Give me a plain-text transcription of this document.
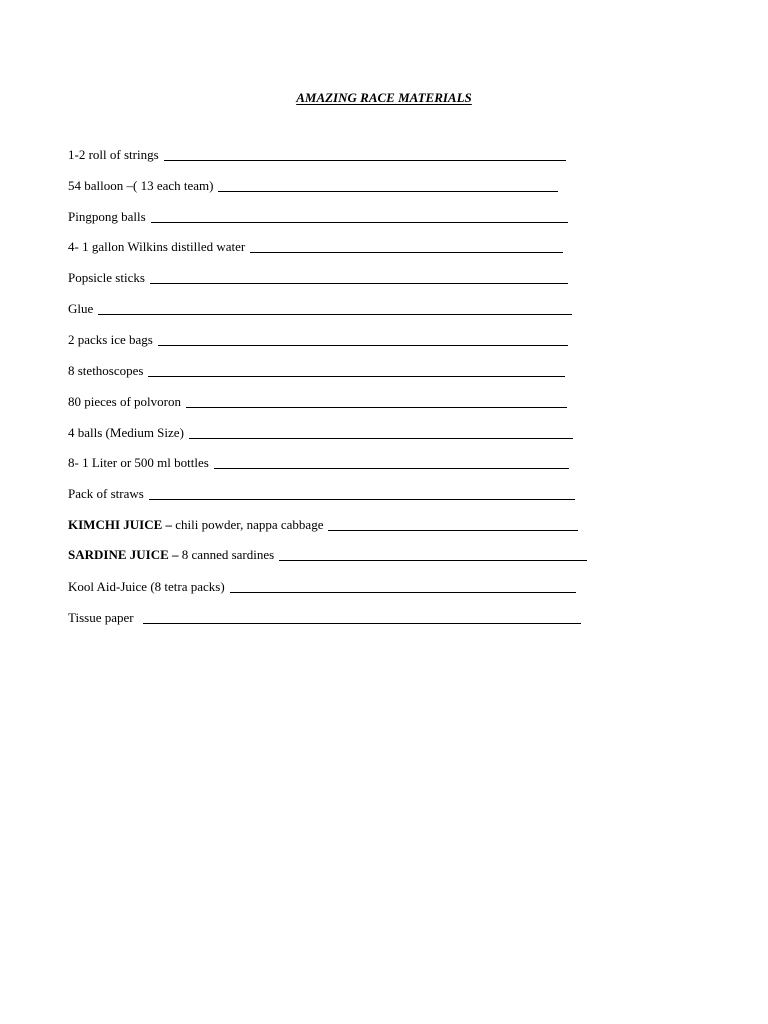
AMAZING RACE MATERIALS
1-2 roll of strings
54 balloon –( 13 each team)
Pingpong balls
4- 1 gallon Wilkins distilled water
Popsicle sticks
Glue
2 packs ice bags
8 stethoscopes
80 pieces of polvoron
4 balls (Medium Size)
8- 1 Liter or 500 ml bottles
Pack of straws
KIMCHI JUICE –
chili powder, nappa cabbage
SARDINE JUICE –
8 canned sardines
Kool Aid-Juice (8 tetra packs)
Tissue paper
